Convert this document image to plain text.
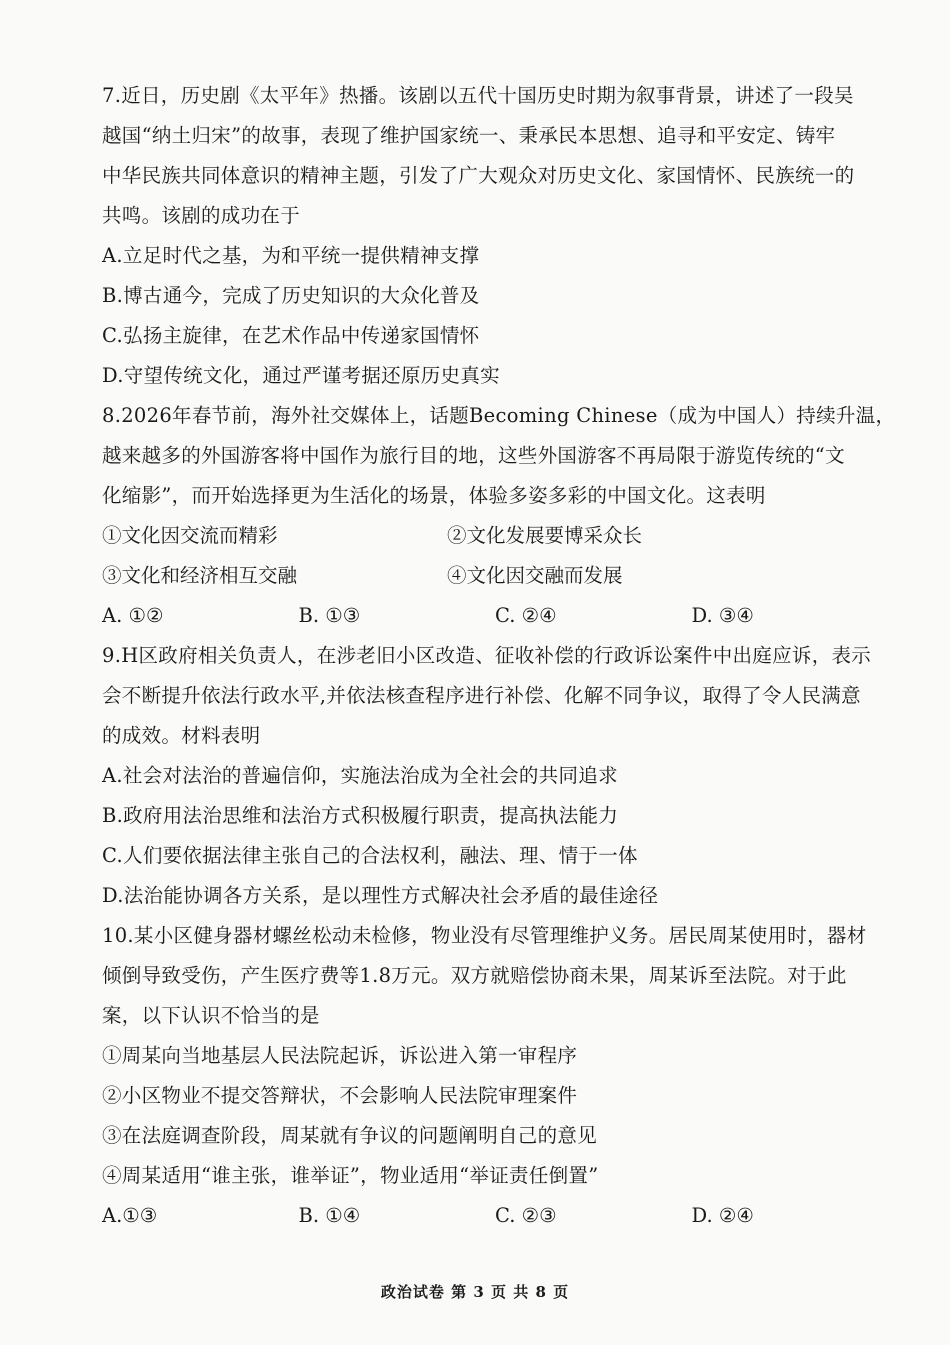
7.近日，历史剧《太平年》热播。该剧以五代十国历史时期为叙事背景，讲述了一段吴
越国“纳土归宋”的故事，表现了维护国家统一、秉承民本思想、追寻和平安定、铸牢
中华民族共同体意识的精神主题，引发了广大观众对历史文化、家国情怀、民族统一的
共鸣。该剧的成功在于
A.立足时代之基，为和平统一提供精神支撑
B.博古通今，完成了历史知识的大众化普及
C.弘扬主旋律，在艺术作品中传递家国情怀
D.守望传统文化，通过严谨考据还原历史真实
8.2026年春节前，海外社交媒体上，话题Becoming Chinese（成为中国人）持续升温，
越来越多的外国游客将中国作为旅行目的地，这些外国游客不再局限于游览传统的“文
化缩影”，而开始选择更为生活化的场景，体验多姿多彩的中国文化。这表明
①文化因交流而精彩	②文化发展要博采众长
③文化和经济相互交融	④文化因交融而发展
A. ①②	B. ①③	C. ②④	D. ③④
9.H区政府相关负责人，在涉老旧小区改造、征收补偿的行政诉讼案件中出庭应诉，表示
会不断提升依法行政水平,并依法核查程序进行补偿、化解不同争议，取得了令人民满意
的成效。材料表明
A.社会对法治的普遍信仰，实施法治成为全社会的共同追求
B.政府用法治思维和法治方式积极履行职责，提高执法能力
C.人们要依据法律主张自己的合法权利，融法、理、情于一体
D.法治能协调各方关系，是以理性方式解决社会矛盾的最佳途径
10.某小区健身器材螺丝松动未检修，物业没有尽管理维护义务。居民周某使用时，器材
倾倒导致受伤，产生医疗费等1.8万元。双方就赔偿协商未果，周某诉至法院。对于此
案，以下认识不恰当的是
①周某向当地基层人民法院起诉，诉讼进入第一审程序
②小区物业不提交答辩状，不会影响人民法院审理案件
③在法庭调查阶段，周某就有争议的问题阐明自己的意见
④周某适用“谁主张，谁举证”，物业适用“举证责任倒置”
A.①③	B. ①④	C. ②③	D. ②④
政治试卷 第 3 页 共 8 页
